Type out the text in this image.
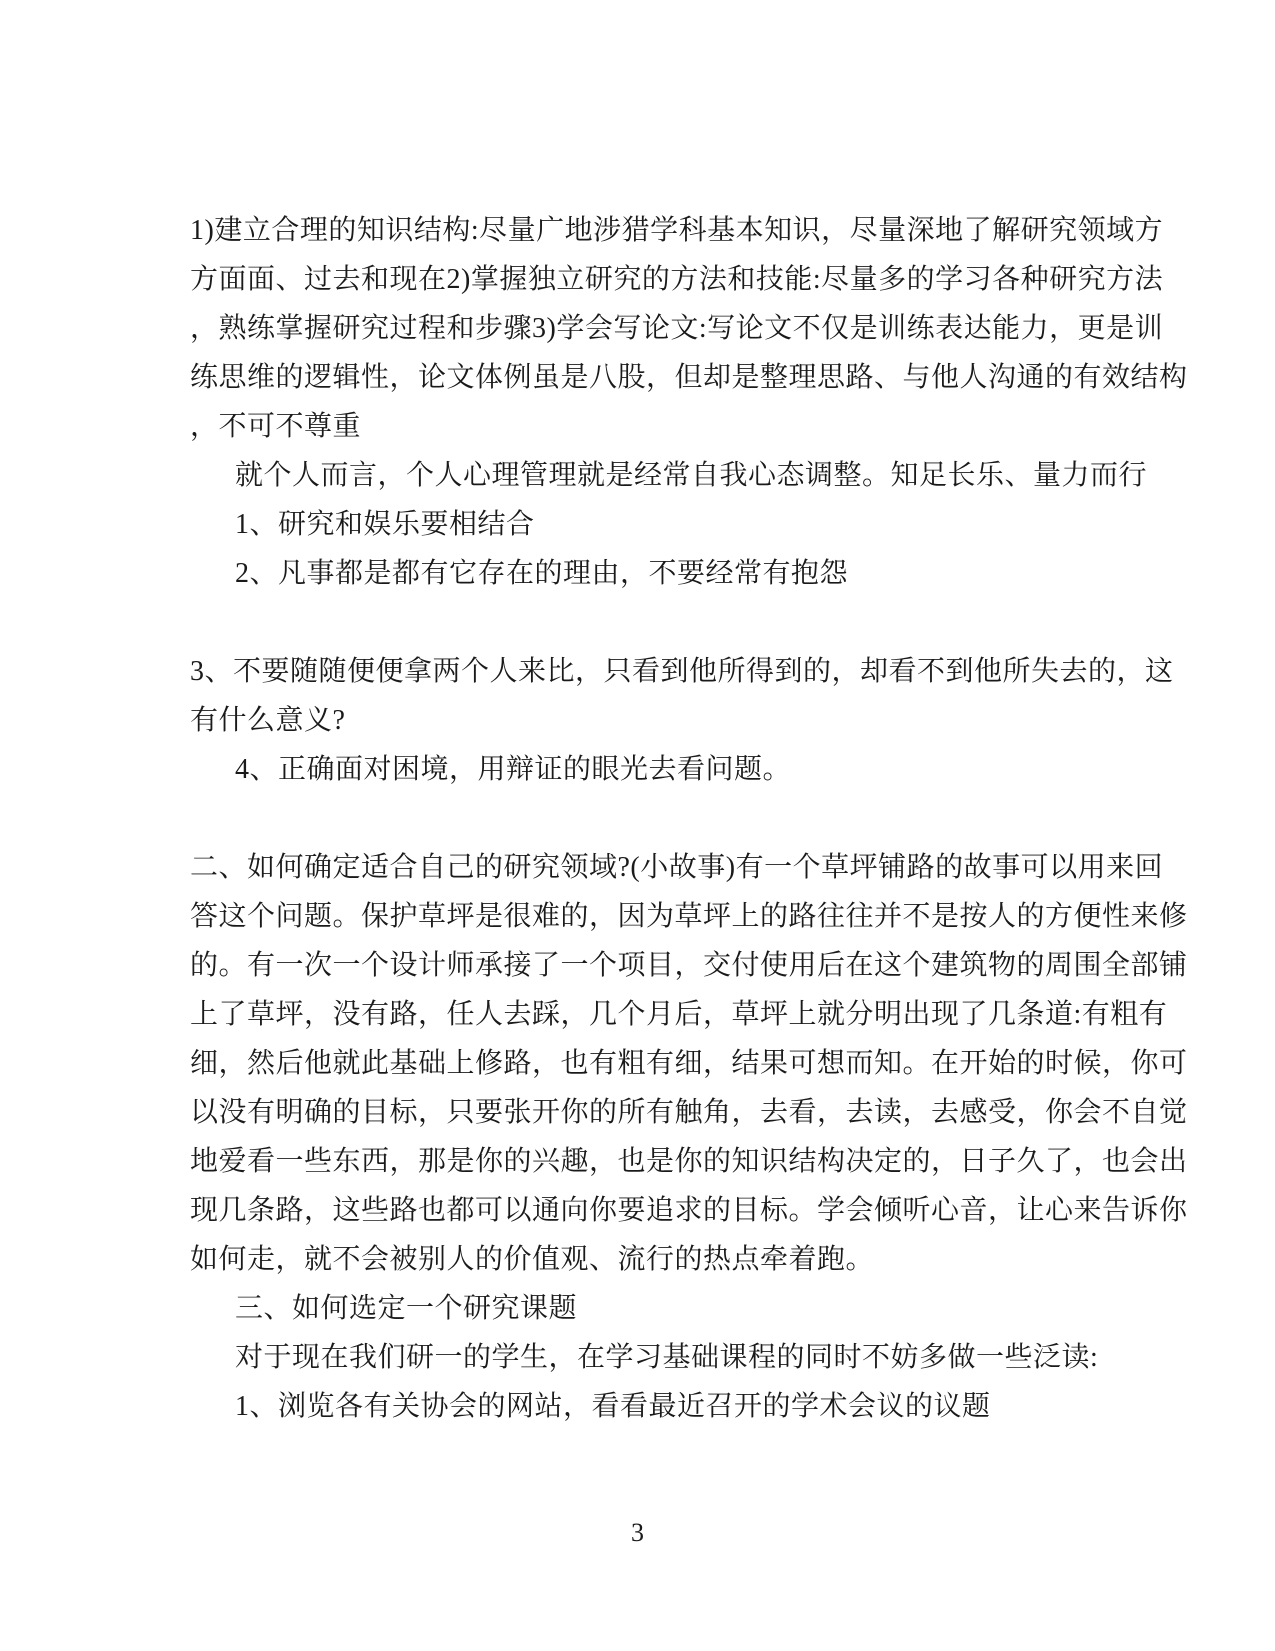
1)建立合理的知识结构:尽量广地涉猎学科基本知识，尽量深地了解研究领域方
方面面、过去和现在2)掌握独立研究的方法和技能:尽量多的学习各种研究方法
，熟练掌握研究过程和步骤3)学会写论文:写论文不仅是训练表达能力，更是训
练思维的逻辑性，论文体例虽是八股，但却是整理思路、与他人沟通的有效结构
，不可不尊重
就个人而言，个人心理管理就是经常自我心态调整。知足长乐、量力而行
1、研究和娱乐要相结合
2、凡事都是都有它存在的理由，不要经常有抱怨
3、不要随随便便拿两个人来比，只看到他所得到的，却看不到他所失去的，这
有什么意义?
4、正确面对困境，用辩证的眼光去看问题。
二、如何确定适合自己的研究领域?(小故事)有一个草坪铺路的故事可以用来回
答这个问题。保护草坪是很难的，因为草坪上的路往往并不是按人的方便性来修
的。有一次一个设计师承接了一个项目，交付使用后在这个建筑物的周围全部铺
上了草坪，没有路，任人去踩，几个月后，草坪上就分明出现了几条道:有粗有
细，然后他就此基础上修路，也有粗有细，结果可想而知。在开始的时候，你可
以没有明确的目标，只要张开你的所有触角，去看，去读，去感受，你会不自觉
地爱看一些东西，那是你的兴趣，也是你的知识结构决定的，日子久了，也会出
现几条路，这些路也都可以通向你要追求的目标。学会倾听心音，让心来告诉你
如何走，就不会被别人的价值观、流行的热点牵着跑。
三、如何选定一个研究课题
对于现在我们研一的学生，在学习基础课程的同时不妨多做一些泛读:
1、浏览各有关协会的网站，看看最近召开的学术会议的议题
3
